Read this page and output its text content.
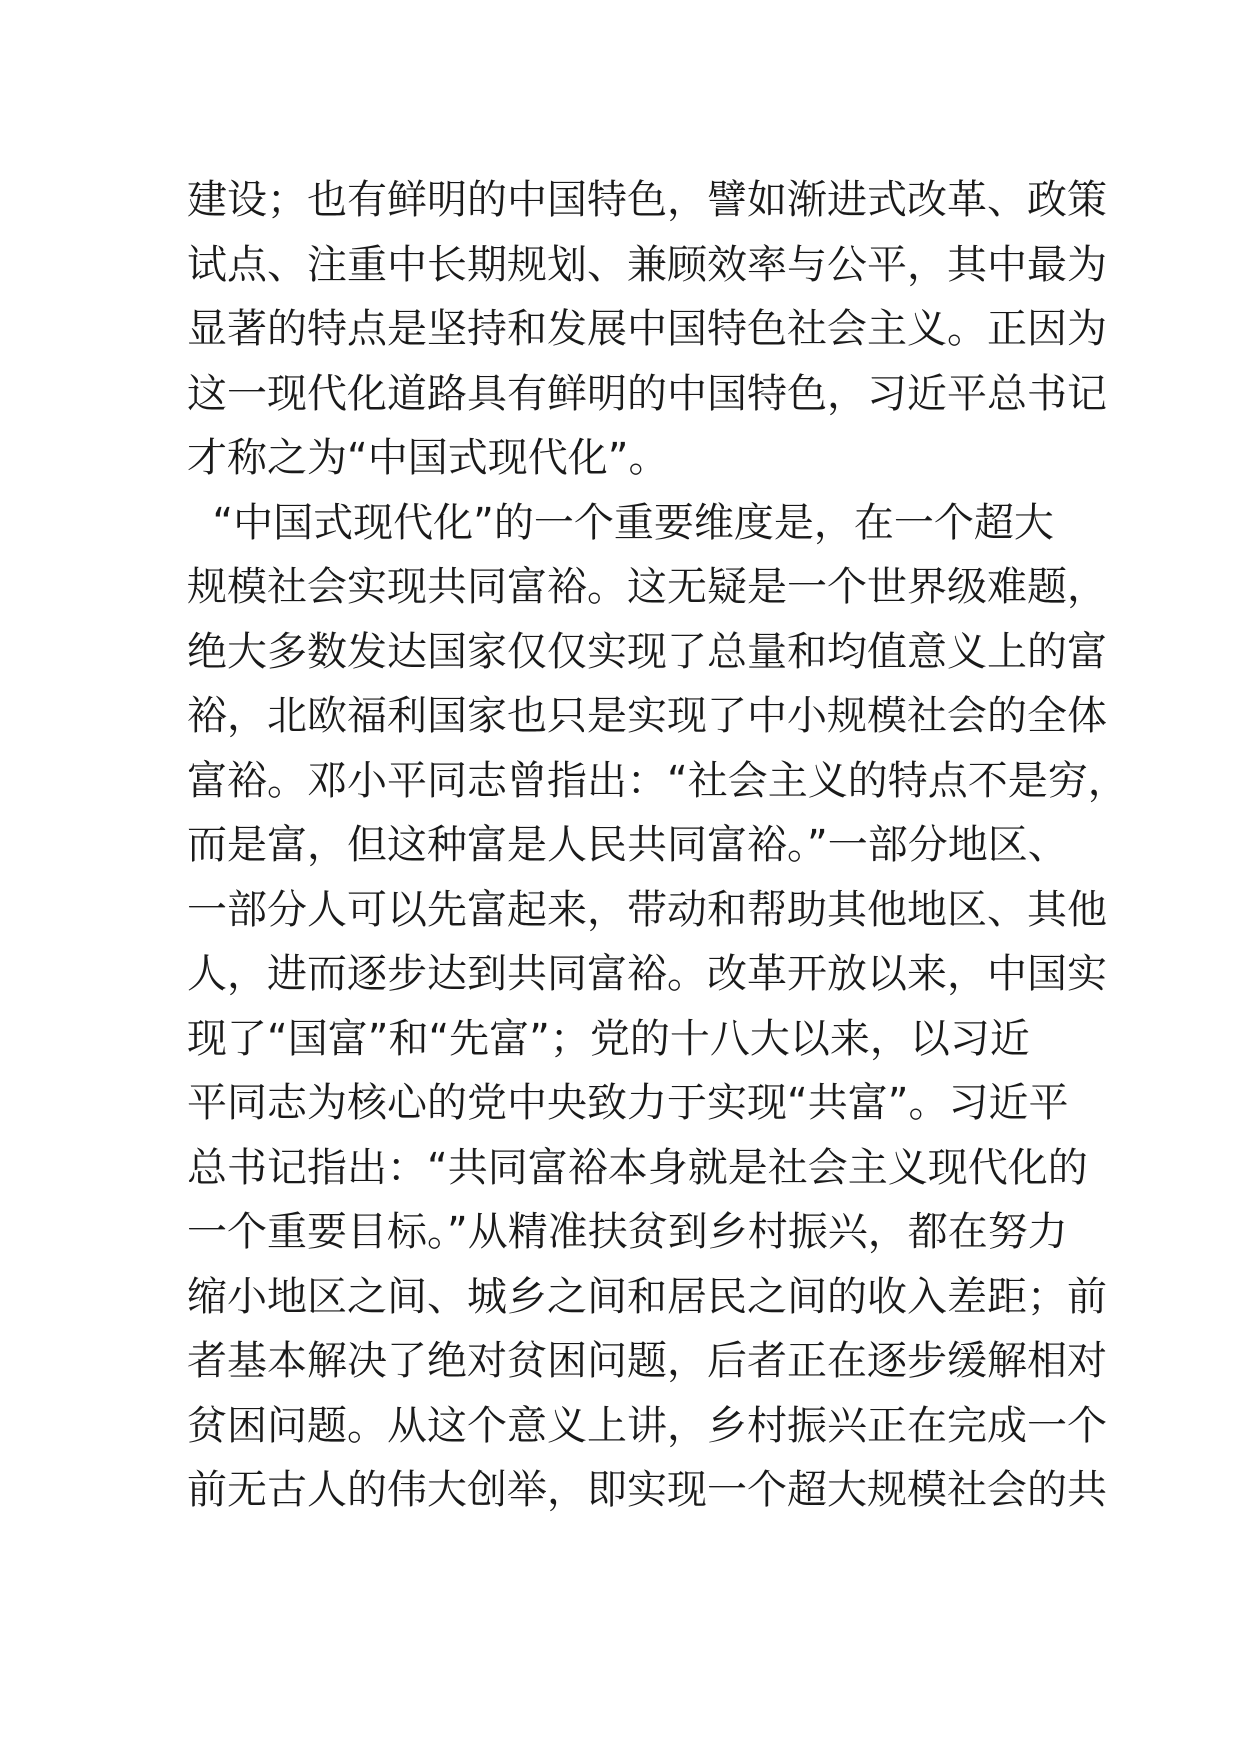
建设；也有鲜明的中国特色，譬如渐进式改革、政策
试点、注重中长期规划、兼顾效率与公平，其中最为
显著的特点是坚持和发展中国特色社会主义。正因为
这一现代化道路具有鲜明的中国特色，习近平总书记
才称之为“中国式现代化”。
“中国式现代化”的一个重要维度是，在一个超大
规模社会实现共同富裕。这无疑是一个世界级难题，
绝大多数发达国家仅仅实现了总量和均值意义上的富
裕，北欧福利国家也只是实现了中小规模社会的全体
富裕。邓小平同志曾指出：“社会主义的特点不是穷，
而是富，但这种富是人民共同富裕。”一部分地区、
一部分人可以先富起来，带动和帮助其他地区、其他
人，进而逐步达到共同富裕。改革开放以来，中国实
现了“国富”和“先富”；党的十八大以来，以习近
平同志为核心的党中央致力于实现“共富”。习近平
总书记指出：“共同富裕本身就是社会主义现代化的
一个重要目标。”从精准扶贫到乡村振兴，都在努力
缩小地区之间、城乡之间和居民之间的收入差距；前
者基本解决了绝对贫困问题，后者正在逐步缓解相对
贫困问题。从这个意义上讲，乡村振兴正在完成一个
前无古人的伟大创举，即实现一个超大规模社会的共
